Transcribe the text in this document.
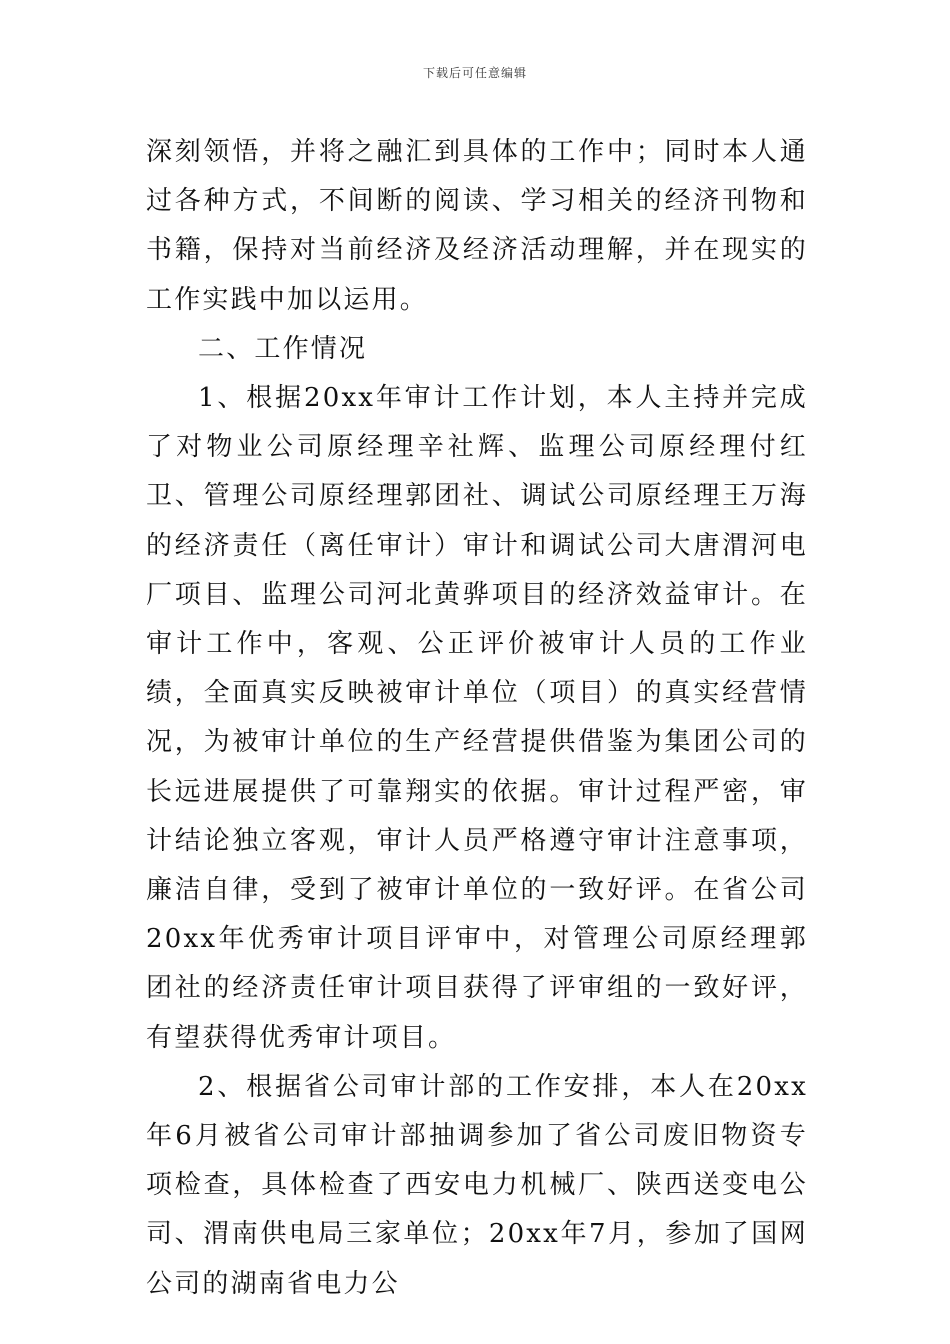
下载后可任意编辑

深刻领悟，并将之融汇到具体的工作中；同时本人通过各种方式，不间断的阅读、学习相关的经济刊物和书籍，保持对当前经济及经济活动理解，并在现实的工作实践中加以运用。

二、工作情况

1、根据20xx年审计工作计划，本人主持并完成了对物业公司原经理辛社辉、监理公司原经理付红卫、管理公司原经理郭团社、调试公司原经理王万海的经济责任（离任审计）审计和调试公司大唐渭河电厂项目、监理公司河北黄骅项目的经济效益审计。在审计工作中，客观、公正评价被审计人员的工作业绩，全面真实反映被审计单位（项目）的真实经营情况，为被审计单位的生产经营提供借鉴为集团公司的长远进展提供了可靠翔实的依据。审计过程严密，审计结论独立客观，审计人员严格遵守审计注意事项，廉洁自律，受到了被审计单位的一致好评。在省公司20xx年优秀审计项目评审中，对管理公司原经理郭团社的经济责任审计项目获得了评审组的一致好评，有望获得优秀审计项目。

2、根据省公司审计部的工作安排，本人在20xx年6月被省公司审计部抽调参加了省公司废旧物资专项检查，具体检查了西安电力机械厂、陕西送变电公司、渭南供电局三家单位；20xx年7月，参加了国网公司的湖南省电力公
